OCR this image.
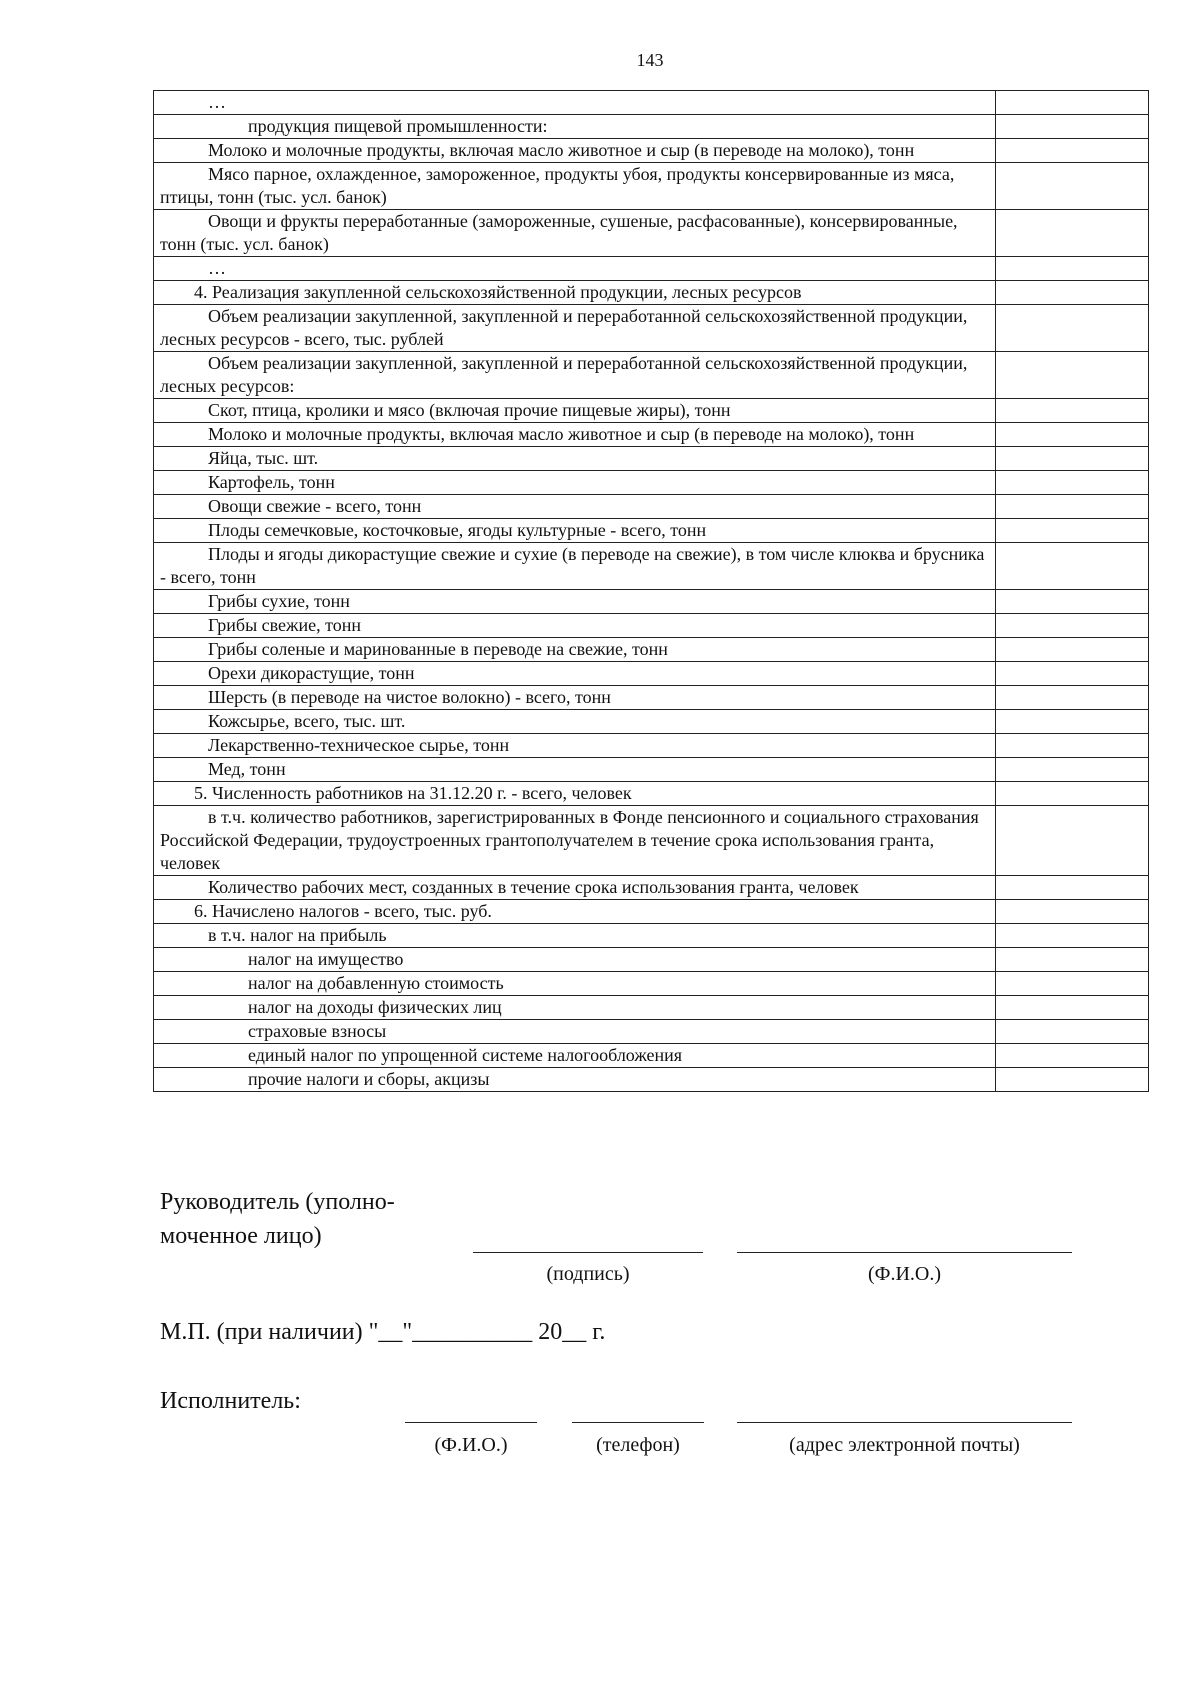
143
…	
продукция пищевой промышленности:	
Молоко и молочные продукты, включая масло животное и сыр (в переводе на молоко), тонн	
Мясо парное, охлажденное, замороженное, продукты убоя, продукты консервированные из мяса, птицы, тонн (тыс. усл. банок)	
Овощи и фрукты переработанные (замороженные, сушеные, расфасованные), консервированные, тонн (тыс. усл. банок)	
…	
4. Реализация закупленной сельскохозяйственной продукции, лесных ресурсов	
Объем реализации закупленной, закупленной и переработанной сельскохозяйственной продукции, лесных ресурсов - всего, тыс. рублей	
Объем реализации закупленной, закупленной и переработанной сельскохозяйственной продукции, лесных ресурсов:	
Скот, птица, кролики и мясо (включая прочие пищевые жиры), тонн	
Молоко и молочные продукты, включая масло животное и сыр (в переводе на молоко), тонн	
Яйца, тыс. шт.	
Картофель, тонн	
Овощи свежие - всего, тонн	
Плоды семечковые, косточковые, ягоды культурные - всего, тонн	
Плоды и ягоды дикорастущие свежие и сухие (в переводе на свежие), в том числе клюква и брусника - всего, тонн	
Грибы сухие, тонн	
Грибы свежие, тонн	
Грибы соленые и маринованные в переводе на свежие, тонн	
Орехи дикорастущие, тонн	
Шерсть (в переводе на чистое волокно) - всего, тонн	
Кожсырье, всего, тыс. шт.	
Лекарственно-техническое сырье, тонн	
Мед, тонн	
5. Численность работников на 31.12.20 г. - всего, человек	
в т.ч. количество работников, зарегистрированных в Фонде пенсионного и социального страхования Российской Федерации, трудоустроенных грантополучателем в течение срока использования гранта, человек	
Количество рабочих мест, созданных в течение срока использования гранта, человек	
6. Начислено налогов - всего, тыс. руб.	
в т.ч. налог на прибыль	
налог на имущество	
налог на добавленную стоимость	
налог на доходы физических лиц	
страховые взносы	
единый налог по упрощенной системе налогообложения	
прочие налоги и сборы, акцизы	
Руководитель (уполно-
моченное лицо)
(подпись)	(Ф.И.О.)
М.П. (при наличии) "__"__________ 20__ г.
Исполнитель:
(Ф.И.О.)	(телефон)	(адрес электронной почты)
